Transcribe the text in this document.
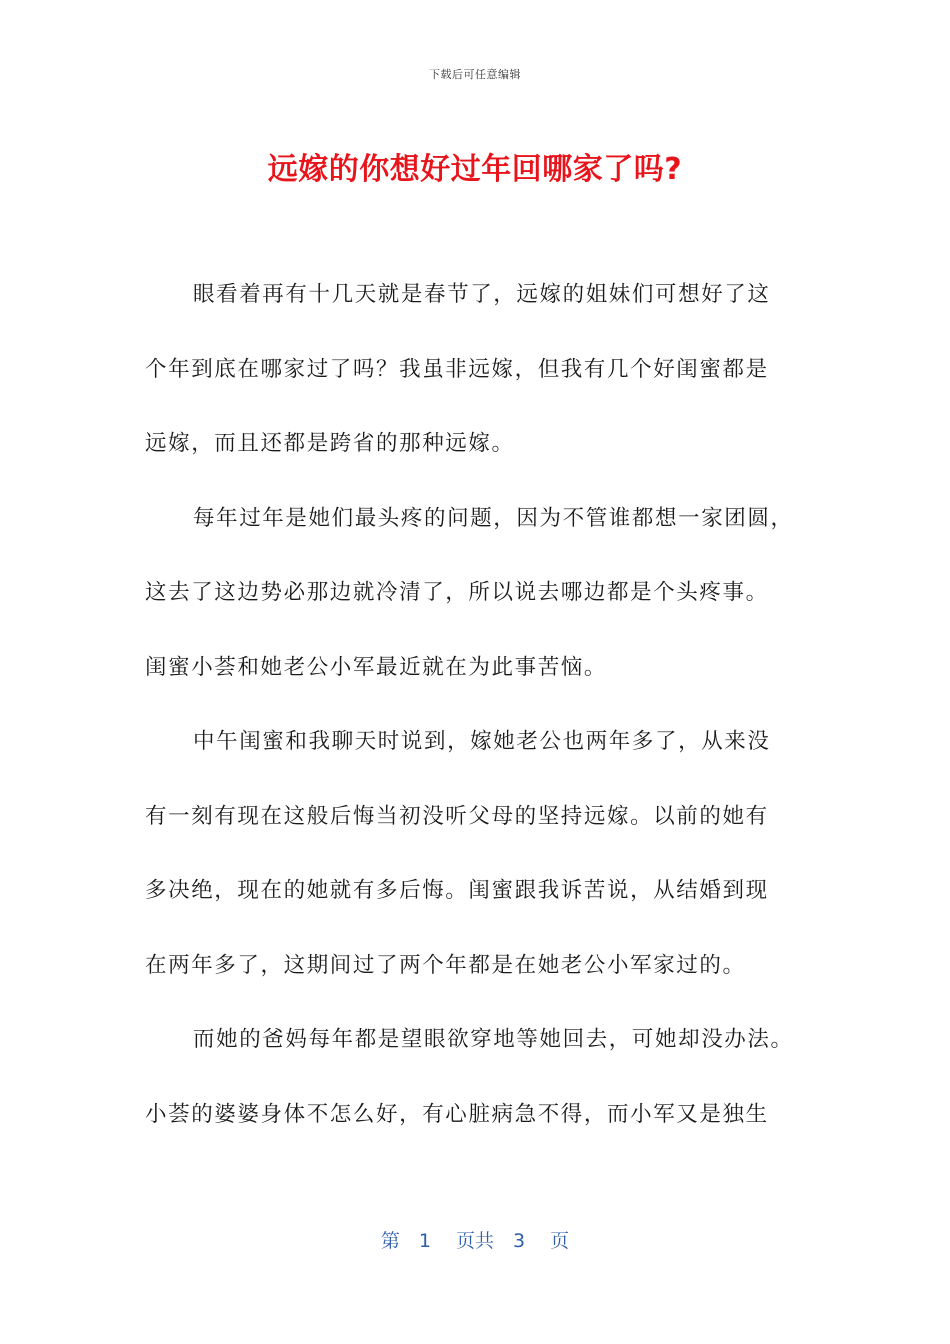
下载后可任意编辑
远嫁的你想好过年回哪家了吗?
眼看着再有十几天就是春节了，远嫁的姐妹们可想好了这
个年到底在哪家过了吗？我虽非远嫁，但我有几个好闺蜜都是
远嫁，而且还都是跨省的那种远嫁。
每年过年是她们最头疼的问题，因为不管谁都想一家团圆，
这去了这边势必那边就冷清了，所以说去哪边都是个头疼事。
闺蜜小荟和她老公小军最近就在为此事苦恼。
中午闺蜜和我聊天时说到，嫁她老公也两年多了，从来没
有一刻有现在这般后悔当初没听父母的坚持远嫁。以前的她有
多决绝，现在的她就有多后悔。闺蜜跟我诉苦说，从结婚到现
在两年多了，这期间过了两个年都是在她老公小军家过的。
而她的爸妈每年都是望眼欲穿地等她回去，可她却没办法。
小荟的婆婆身体不怎么好，有心脏病急不得，而小军又是独生
第　1　 页共　3　 页
